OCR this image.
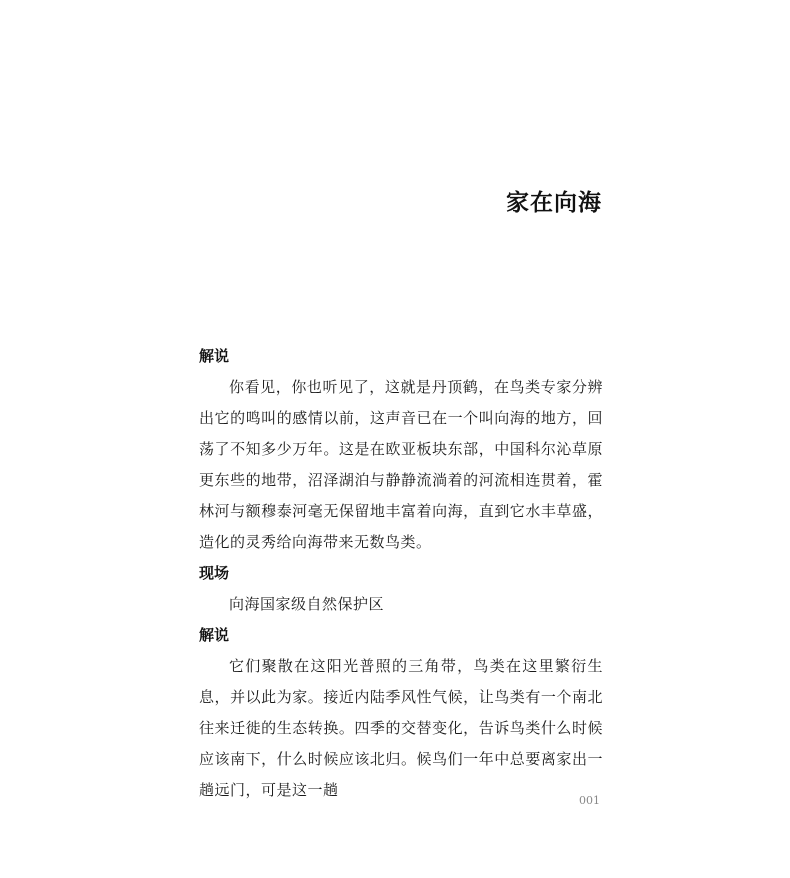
家在向海

解说

你看见，你也听见了，这就是丹顶鹤，在鸟类专家分辨出它的鸣叫的感情以前，这声音已在一个叫向海的地方，回荡了不知多少万年。这是在欧亚板块东部，中国科尔沁草原更东些的地带，沼泽湖泊与静静流淌着的河流相连贯着，霍林河与额穆泰河毫无保留地丰富着向海，直到它水丰草盛，造化的灵秀给向海带来无数鸟类。

现场

向海国家级自然保护区

解说

它们聚散在这阳光普照的三角带，鸟类在这里繁衍生息，并以此为家。接近内陆季风性气候，让鸟类有一个南北往来迁徙的生态转换。四季的交替变化，告诉鸟类什么时候应该南下，什么时候应该北归。候鸟们一年中总要离家出一趟远门，可是这一趟

001
